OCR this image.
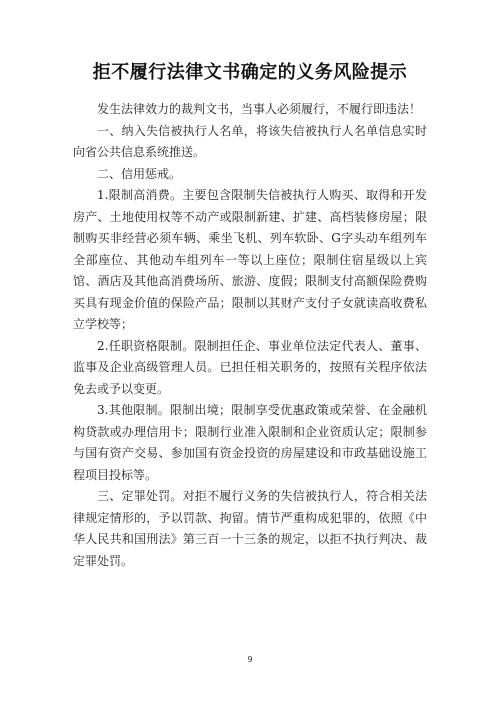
拒不履行法律文书确定的义务风险提示

发生法律效力的裁判文书，当事人必须履行，不履行即违法！

一、纳入失信被执行人名单，将该失信被执行人名单信息实时向省公共信息系统推送。

二、信用惩戒。

1.限制高消费。主要包含限制失信被执行人购买、取得和开发房产、土地使用权等不动产或限制新建、扩建、高档装修房屋；限制购买非经营必须车辆、乘坐飞机、列车软卧、G字头动车组列车全部座位、其他动车组列车一等以上座位；限制住宿星级以上宾馆、酒店及其他高消费场所、旅游、度假；限制支付高额保险费购买具有现金价值的保险产品；限制以其财产支付子女就读高收费私立学校等；

2.任职资格限制。限制担任企、事业单位法定代表人、董事、监事及企业高级管理人员。已担任相关职务的，按照有关程序依法免去或予以变更。

3.其他限制。限制出境；限制享受优惠政策或荣誉、在金融机构贷款或办理信用卡；限制行业准入限制和企业资质认定；限制参与国有资产交易、参加国有资金投资的房屋建设和市政基础设施工程项目投标等。

三、定罪处罚。对拒不履行义务的失信被执行人，符合相关法律规定情形的，予以罚款、拘留。情节严重构成犯罪的，依照《中华人民共和国刑法》第三百一十三条的规定，以拒不执行判决、裁定罪处罚。

9
